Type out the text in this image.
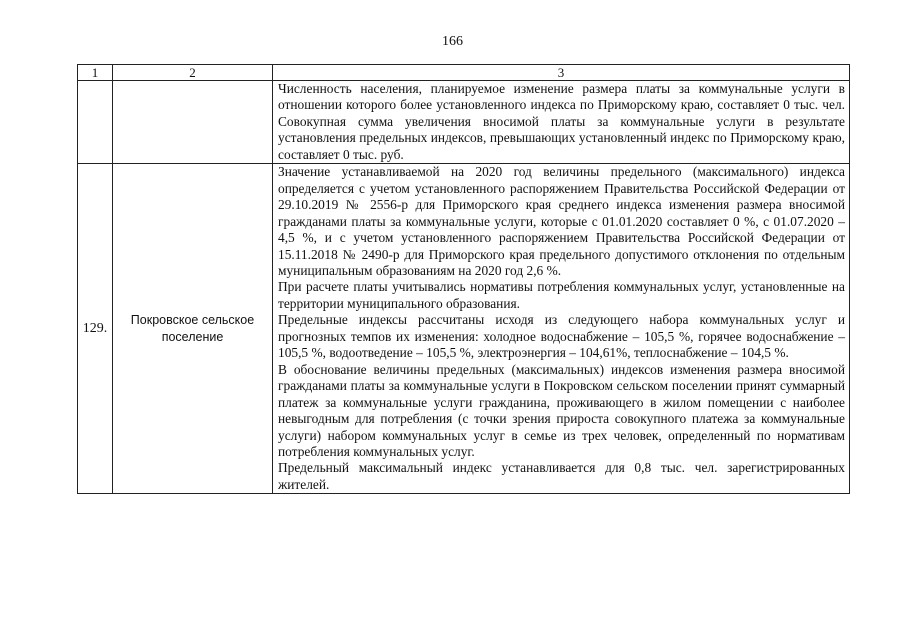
166
1	2	3

		Численность населения, планируемое изменение размера платы за коммунальные услуги в отношении которого более установленного индекса по Приморскому краю, составляет 0 тыс. чел. Совокупная сумма увеличения вносимой платы за коммунальные услуги в результате установления предельных индексов, превышающих установленный индекс по Приморскому краю, составляет 0 тыс. руб.

129.	Покровское сельское поселение	Значение устанавливаемой на 2020 год величины предельного (максимального) индекса определяется с учетом установленного распоряжением Правительства Российской Федерации от 29.10.2019 № 2556-р для Приморского края среднего индекса изменения размера вносимой гражданами платы за коммунальные услуги, которые с 01.01.2020 составляет 0 %, с 01.07.2020 – 4,5 %, и с учетом установленного распоряжением Правительства Российской Федерации от 15.11.2018 № 2490-р для Приморского края предельного допустимого отклонения по отдельным муниципальным образованиям на 2020 год 2,6 %.

При расчете платы учитывались нормативы потребления коммунальных услуг, установленные на территории муниципального образования.

Предельные индексы рассчитаны исходя из следующего набора коммунальных услуг и прогнозных темпов их изменения: холодное водоснабжение – 105,5 %, горячее водоснабжение – 105,5 %, водоотведение – 105,5 %, электроэнергия – 104,61%, теплоснабжение – 104,5 %.

В обоснование величины предельных (максимальных) индексов изменения размера вносимой гражданами платы за коммунальные услуги в Покровском сельском поселении принят суммарный платеж за коммунальные услуги гражданина, проживающего в жилом помещении с наиболее невыгодным для потребления (с точки зрения прироста совокупного платежа за коммунальные услуги) набором коммунальных услуг в семье из трех человек, определенный по нормативам потребления коммунальных услуг.

Предельный максимальный индекс устанавливается для 0,8 тыс. чел. зарегистрированных жителей.
